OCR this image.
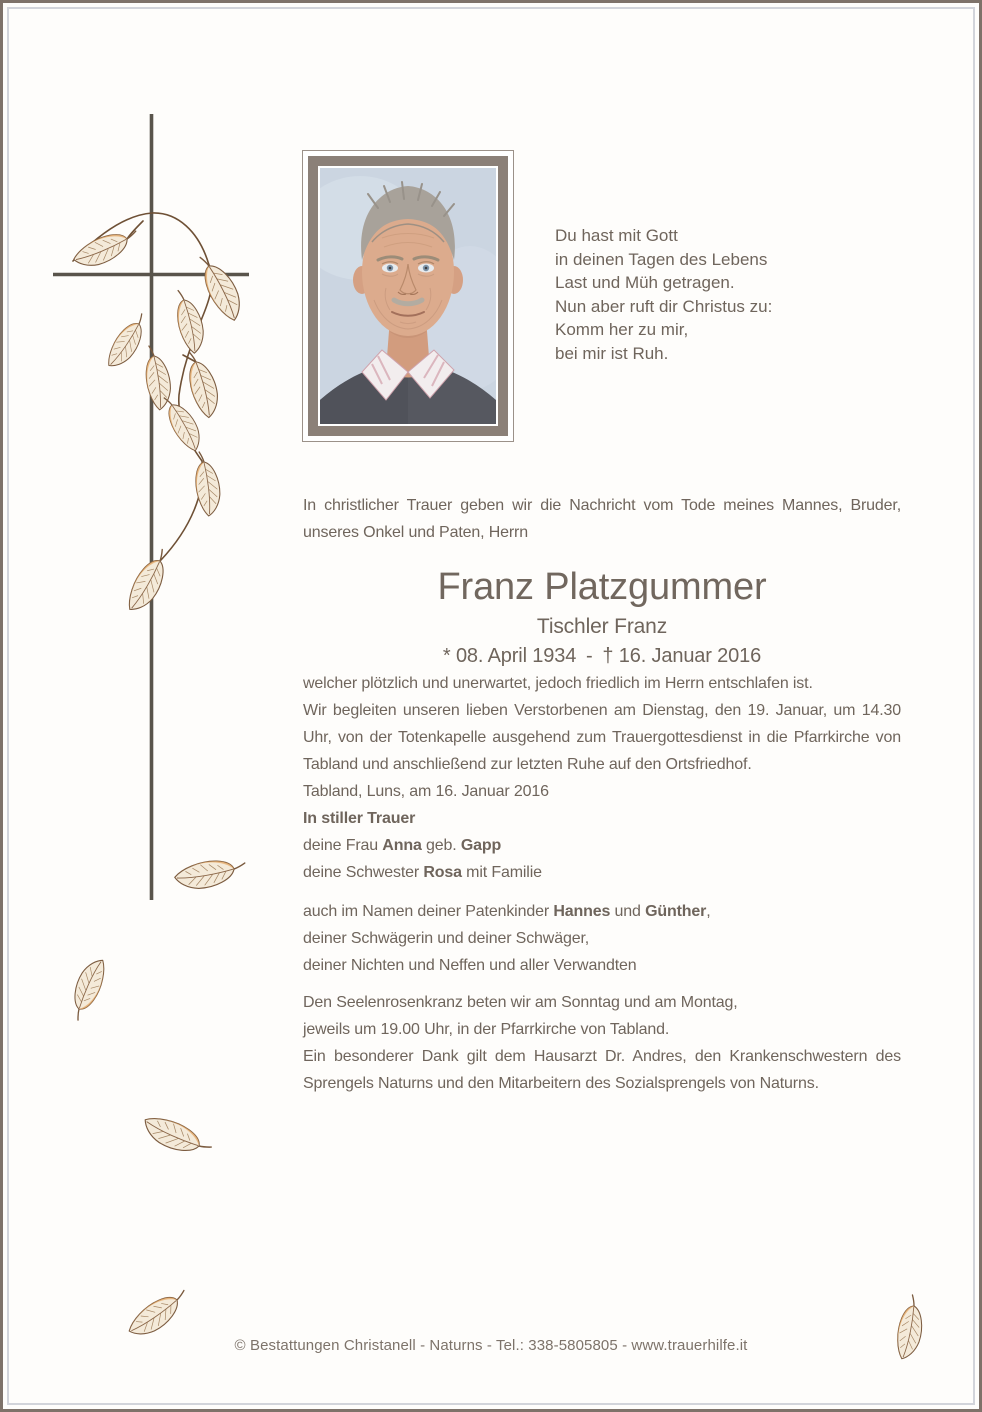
Du hast mit Gott
in deinen Tagen des Lebens
Last und Müh getragen.
Nun aber ruft dir Christus zu:
Komm her zu mir,
bei mir ist Ruh.

In christlicher Trauer geben wir die Nachricht vom Tode meines Mannes, Bruder, unseres Onkel und Paten, Herrn

Franz Platzgummer

Tischler Franz

* 08. April 1934 - † 16. Januar 2016

welcher plötzlich und unerwartet, jedoch friedlich im Herrn entschlafen ist.

Wir begleiten unseren lieben Verstorbenen am Dienstag, den 19. Januar, um 14.30 Uhr, von der Totenkapelle ausgehend zum Trauergottesdienst in die Pfarrkirche von Tabland und anschließend zur letzten Ruhe auf den Ortsfriedhof.

Tabland, Luns, am 16. Januar 2016

In stiller Trauer

deine Frau Anna geb. Gapp

deine Schwester Rosa mit Familie

auch im Namen deiner Patenkinder Hannes und Günther,
deiner Schwägerin und deiner Schwäger,
deiner Nichten und Neffen und aller Verwandten
Den Seelenrosenkranz beten wir am Sonntag und am Montag,
jeweils um 19.00 Uhr, in der Pfarrkirche von Tabland.

Ein besonderer Dank gilt dem Hausarzt Dr. Andres, den Krankenschwestern des Sprengels Naturns und den Mitarbeitern des Sozialsprengels von Naturns.

© Bestattungen Christanell - Naturns - Tel.: 338-5805805 - www.trauerhilfe.it
